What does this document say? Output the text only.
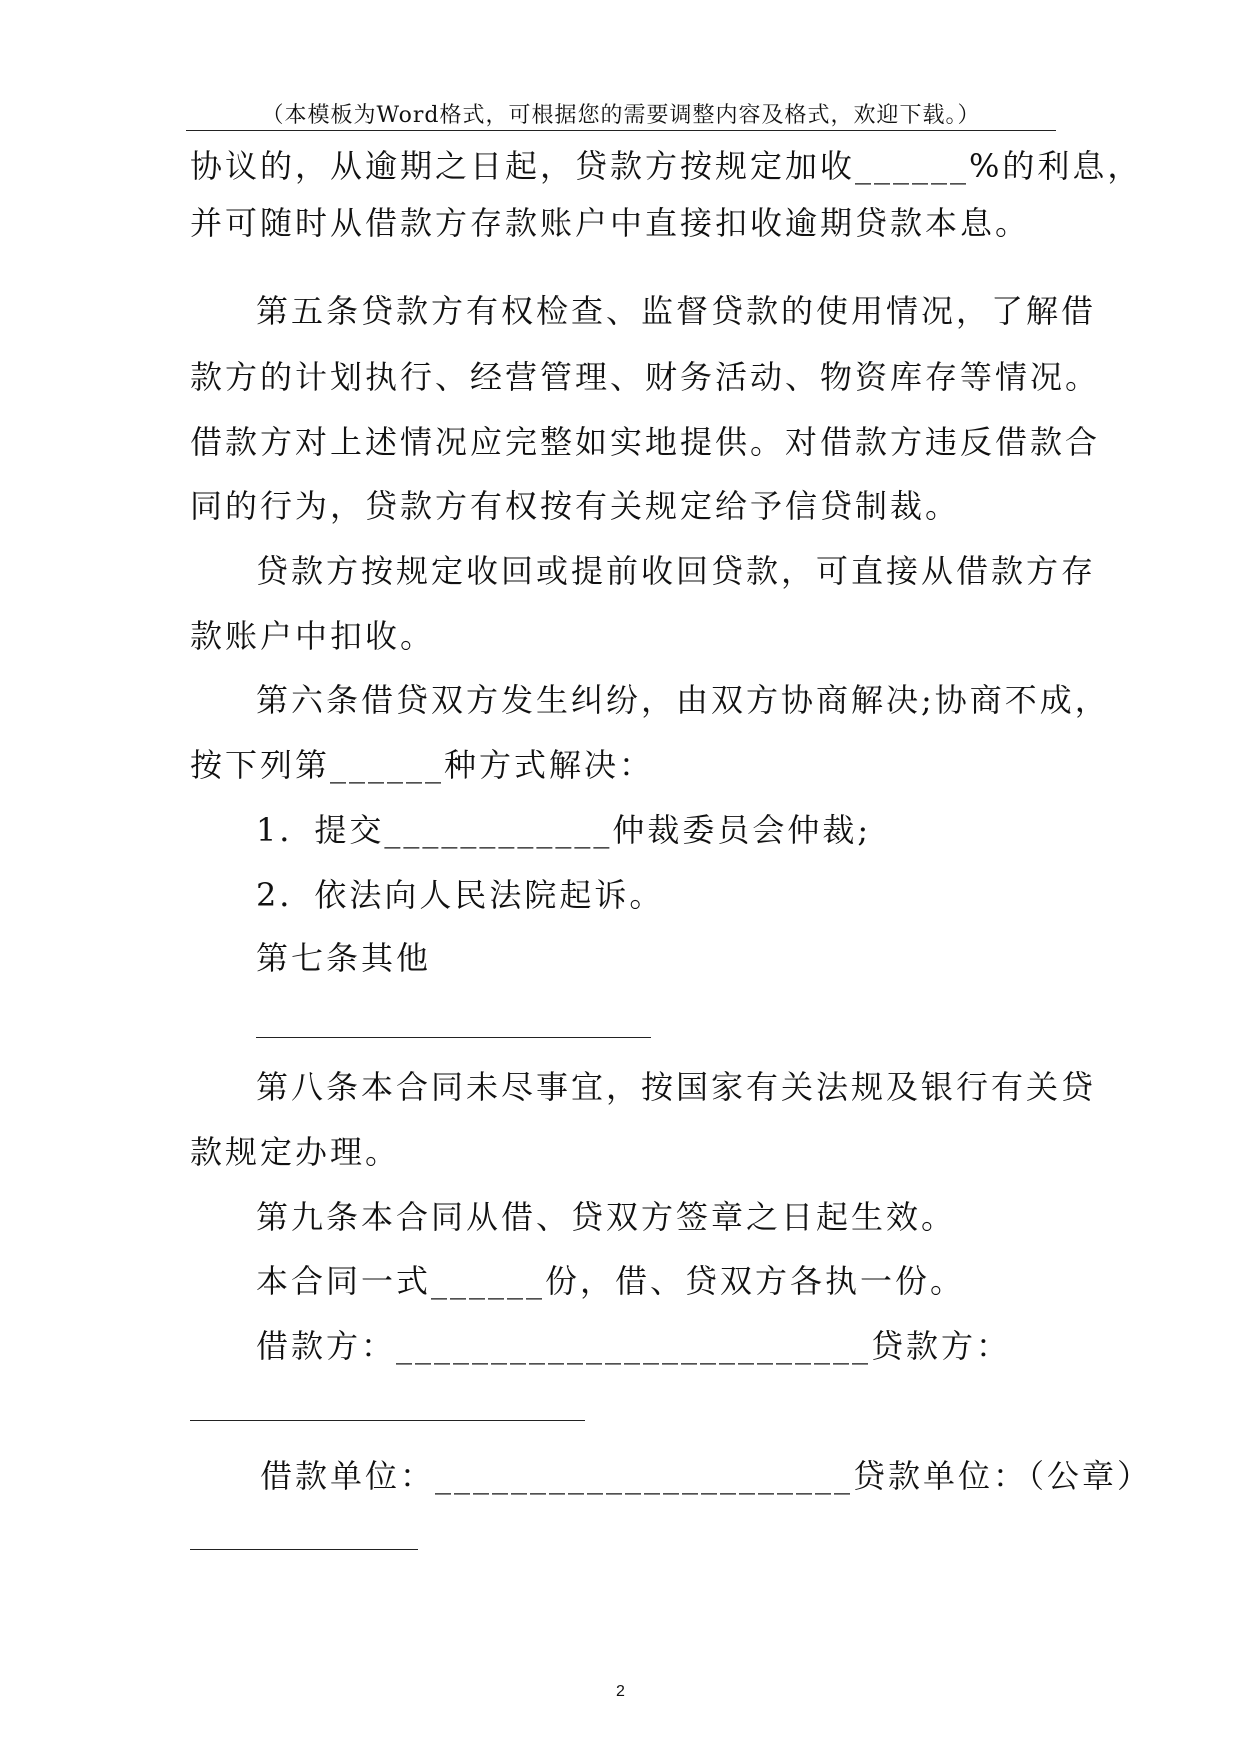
（本模板为Word格式，可根据您的需要调整内容及格式，欢迎下载。）
协议的，从逾期之日起，贷款方按规定加收______%的利息，
并可随时从借款方存款账户中直接扣收逾期贷款本息。
第五条贷款方有权检查、监督贷款的使用情况，了解借
款方的计划执行、经营管理、财务活动、物资库存等情况。
借款方对上述情况应完整如实地提供。对借款方违反借款合
同的行为，贷款方有权按有关规定给予信贷制裁。
贷款方按规定收回或提前收回贷款，可直接从借款方存
款账户中扣收。
第六条借贷双方发生纠纷，由双方协商解决;协商不成，
按下列第______种方式解决：
1．提交____________仲裁委员会仲裁;
2．依法向人民法院起诉。
第七条其他
第八条本合同未尽事宜，按国家有关法规及银行有关贷
款规定办理。
第九条本合同从借、贷双方签章之日起生效。
本合同一式______份，借、贷双方各执一份。
借款方：_________________________贷款方：
借款单位：______________________贷款单位：（公章）
2
